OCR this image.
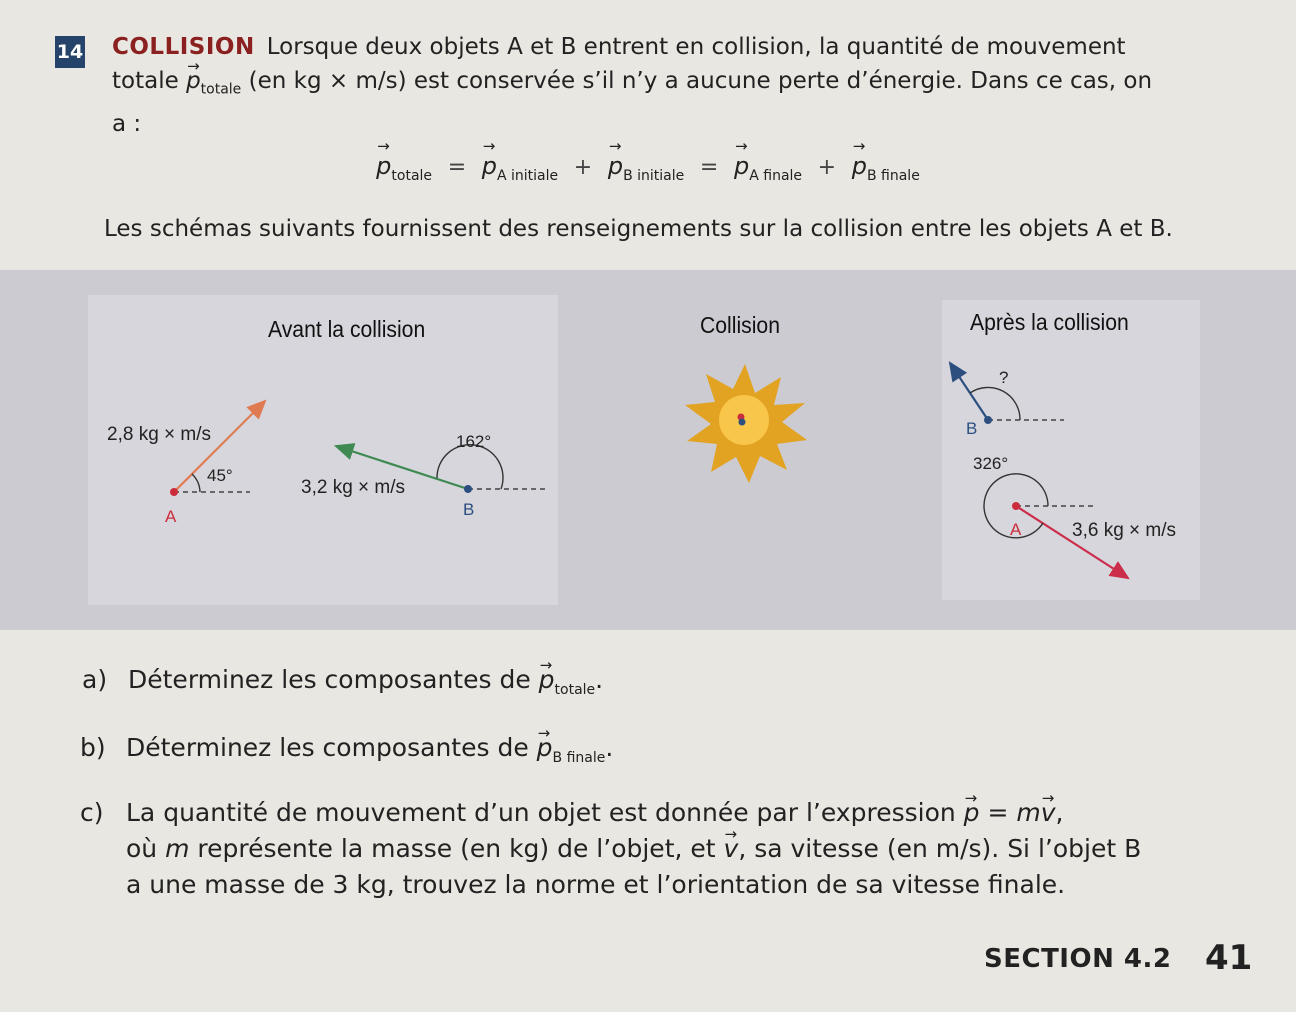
14 COLLISION Lorsque deux objets A et B entrent en collision, la quantité de mouvement totale → $p_{totale}$ (en kg × m/s) est conservée s’il n’y a aucune perte d’énergie. Dans ce cas, on a :
→ $p_{totale}$ = → $p_{A initiale}$ + → $p_{B initiale}$ = → $p_{A finale}$ + → $p_{B finale}$
Les schémas suivants fournissent des renseignements sur la collision entre les objets A et B.
Avant la collision	Collision	Après la collision
2,8 kg × m/s
45°
A
3,2 kg × m/s
162°
B
?
B
326°
A	3,6 kg × m/s
a) Déterminez les composantes de → $p_{totale}$.
b) Déterminez les composantes de → $p_{B finale}$.
c) La quantité de mouvement d’un objet est donnée par l’expression → p = m→ v,
où m représente la masse (en kg) de l’objet, et → v, sa vitesse (en m/s). Si l’objet B
a une masse de 3 kg, trouvez la norme et l’orientation de sa vitesse finale.
SECTION 4.2 41
